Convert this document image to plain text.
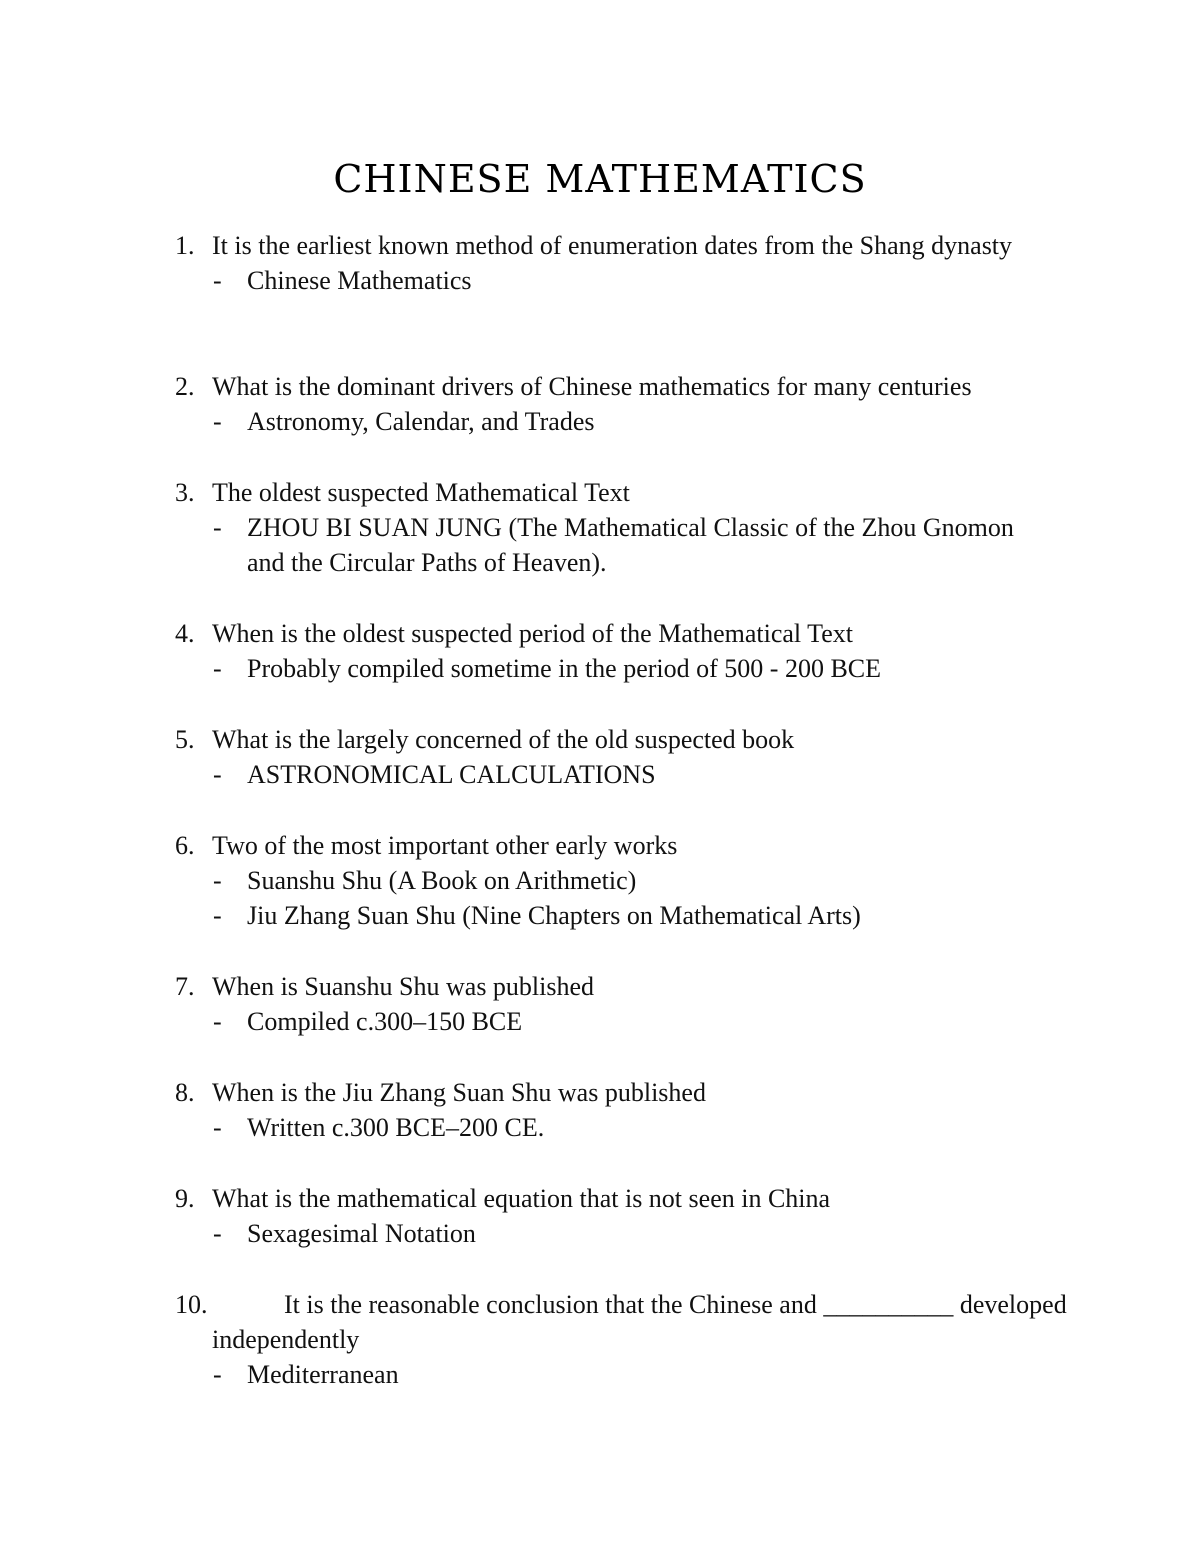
CHINESE MATHEMATICS
1. It is the earliest known method of enumeration dates from the Shang dynasty
- Chinese Mathematics
2. What is the dominant drivers of Chinese mathematics for many centuries
- Astronomy, Calendar, and Trades
3. The oldest suspected Mathematical Text
- ZHOU BI SUAN JUNG (The Mathematical Classic of the Zhou Gnomon and the Circular Paths of Heaven).
4. When is the oldest suspected period of the Mathematical Text
- Probably compiled sometime in the period of 500 - 200 BCE
5. What is the largely concerned of the old suspected book
- ASTRONOMICAL CALCULATIONS
6. Two of the most important other early works
- Suanshu Shu (A Book on Arithmetic)
- Jiu Zhang Suan Shu (Nine Chapters on Mathematical Arts)
7. When is Suanshu Shu was published
- Compiled c.300–150 BCE
8. When is the Jiu Zhang Suan Shu was published
- Written c.300 BCE–200 CE.
9. What is the mathematical equation that is not seen in China
- Sexagesimal Notation
10.	It is the reasonable conclusion that the Chinese and __________ developed independently
- Mediterranean
